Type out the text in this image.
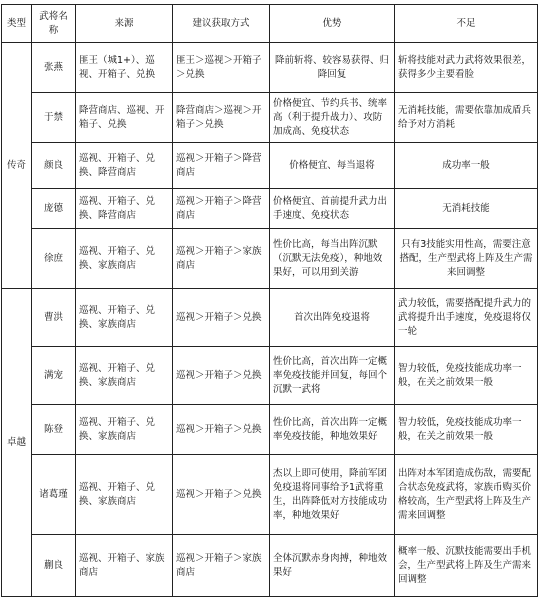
类型	武将名称	来源	建议获取方式	优势	不足
传奇	张燕	匪王（城1+）、巡视、开箱子、兑换	匪王＞巡视＞开箱子＞兑换	降前斩将、较容易获得、归降回复	斩将技能对武力武将效果很差，获得多少主要看脸
	于禁	降营商店、巡视、开箱子、兑换	降营商店＞巡视＞开箱子＞兑换	价格便宜、节约兵书、统率高（利于提升战力）、攻防加成高、免疫状态	无消耗技能，需要依靠加成盾兵给予对方消耗
	颜良	巡视、开箱子、兑换、降营商店	巡视＞开箱子＞降营商店	价格便宜、每当退将	成功率一般
	庞德	巡视、开箱子、兑换、降营商店	巡视＞开箱子＞降营商店	价格便宜、首前提升武力出手速度、免疫状态	无消耗技能
	徐庶	巡视、开箱子、兑换、家族商店	巡视＞开箱子＞家族商店	性价比高，每当出阵沉默（沉默无法免疫），种地效果好，可以用到关游	只有3技能实用性高，需要注意搭配，生产型武将上阵及生产需来回调整
卓越	曹洪	巡视、开箱子、兑换、家族商店	巡视＞开箱子＞兑换	首次出阵免疫退将	武力较低，需要搭配提升武力的武将提升出手速度，免疫退将仅一轮
	满宠	巡视、开箱子、兑换、家族商店	巡视＞开箱子＞兑换	性价比高，首次出阵一定概率免疫技能并回复，每回个沉默一武将	智力较低，免疫技能成功率一般，在关之前效果一般
	陈登	巡视、开箱子、兑换、家族商店	巡视＞开箱子＞兑换	性价比高，首次出阵一定概率免疫技能，种地效果好	智力较低，免疫技能成功率一般，在关之前效果一般
	诸葛瑾	巡视、开箱子、兑换、家族商店	巡视＞开箱子＞兑换	杰以上即可使用，降前军团免疫退将同事给予1武将重生，出阵降低对方技能成功率，种地效果好	出阵对本军团造成伤敌，需要配合状态免疫武将，家族币购买价格较高，生产型武将上阵及生产需来回调整
	蒯良	巡视、开箱子、家族商店	巡视＞开箱子＞家族商店	全体沉默赤身肉搏，种地效果好	概率一般、沉默技能需要出手机会，生产型武将上阵及生产需来回调整
